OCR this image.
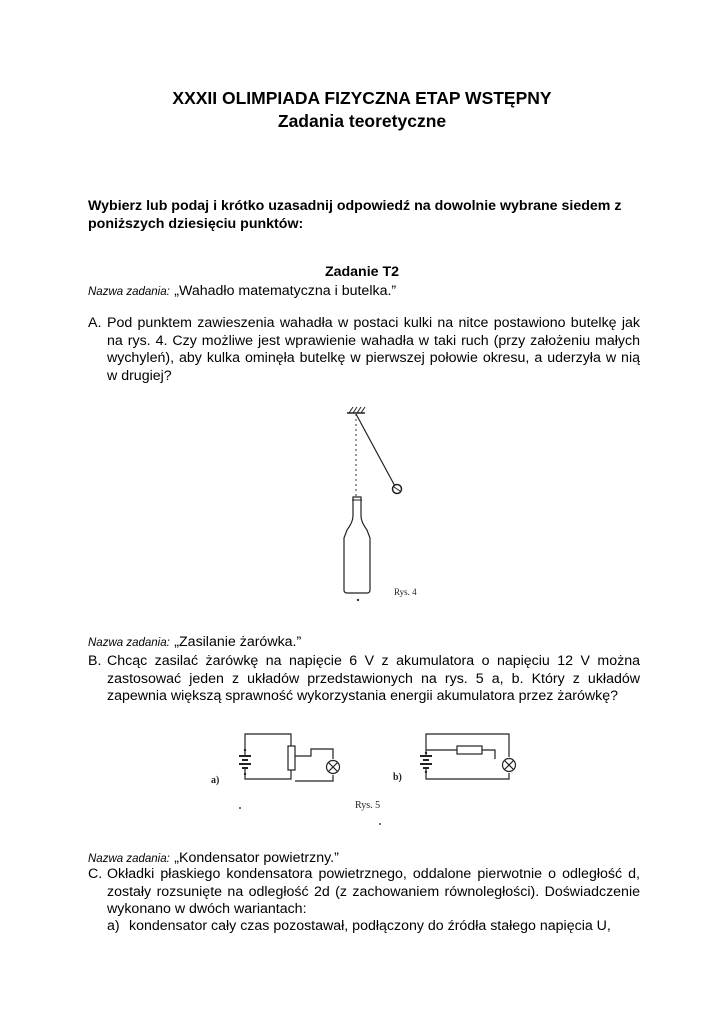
XXXII OLIMPIADA FIZYCZNA ETAP WSTĘPNY
Zadania teoretyczne
Wybierz lub podaj i krótko uzasadnij odpowiedź na dowolnie wybrane siedem z poniższych dziesięciu punktów:
Zadanie T2
Nazwa zadania: „Wahadło matematyczna i butelka.”
A. Pod punktem zawieszenia wahadła w postaci kulki na nitce postawiono butelkę jak na rys. 4. Czy możliwe jest wprawienie wahadła w taki ruch (przy założeniu małych wychyleń), aby kulka ominęła butelkę w pierwszej połowie okresu, a uderzyła w nią w drugiej?
Rys. 4
Nazwa zadania: „Zasilanie żarówka.”
B. Chcąc zasilać żarówkę na napięcie 6 V z akumulatora o napięciu 12 V można zastosować jeden z układów przedstawionych na rys. 5 a, b. Który z układów zapewnia większą sprawność wykorzystania energii akumulatora przez żarówkę?
a)	b)
Rys. 5
Nazwa zadania: „Kondensator powietrzny.”
C. Okładki płaskiego kondensatora powietrznego, oddalone pierwotnie o odległość d, zostały rozsunięte na odległość 2d (z zachowaniem równoległości). Doświadczenie wykonano w dwóch wariantach:
a) kondensator cały czas pozostawał, podłączony do źródła stałego napięcia U,
